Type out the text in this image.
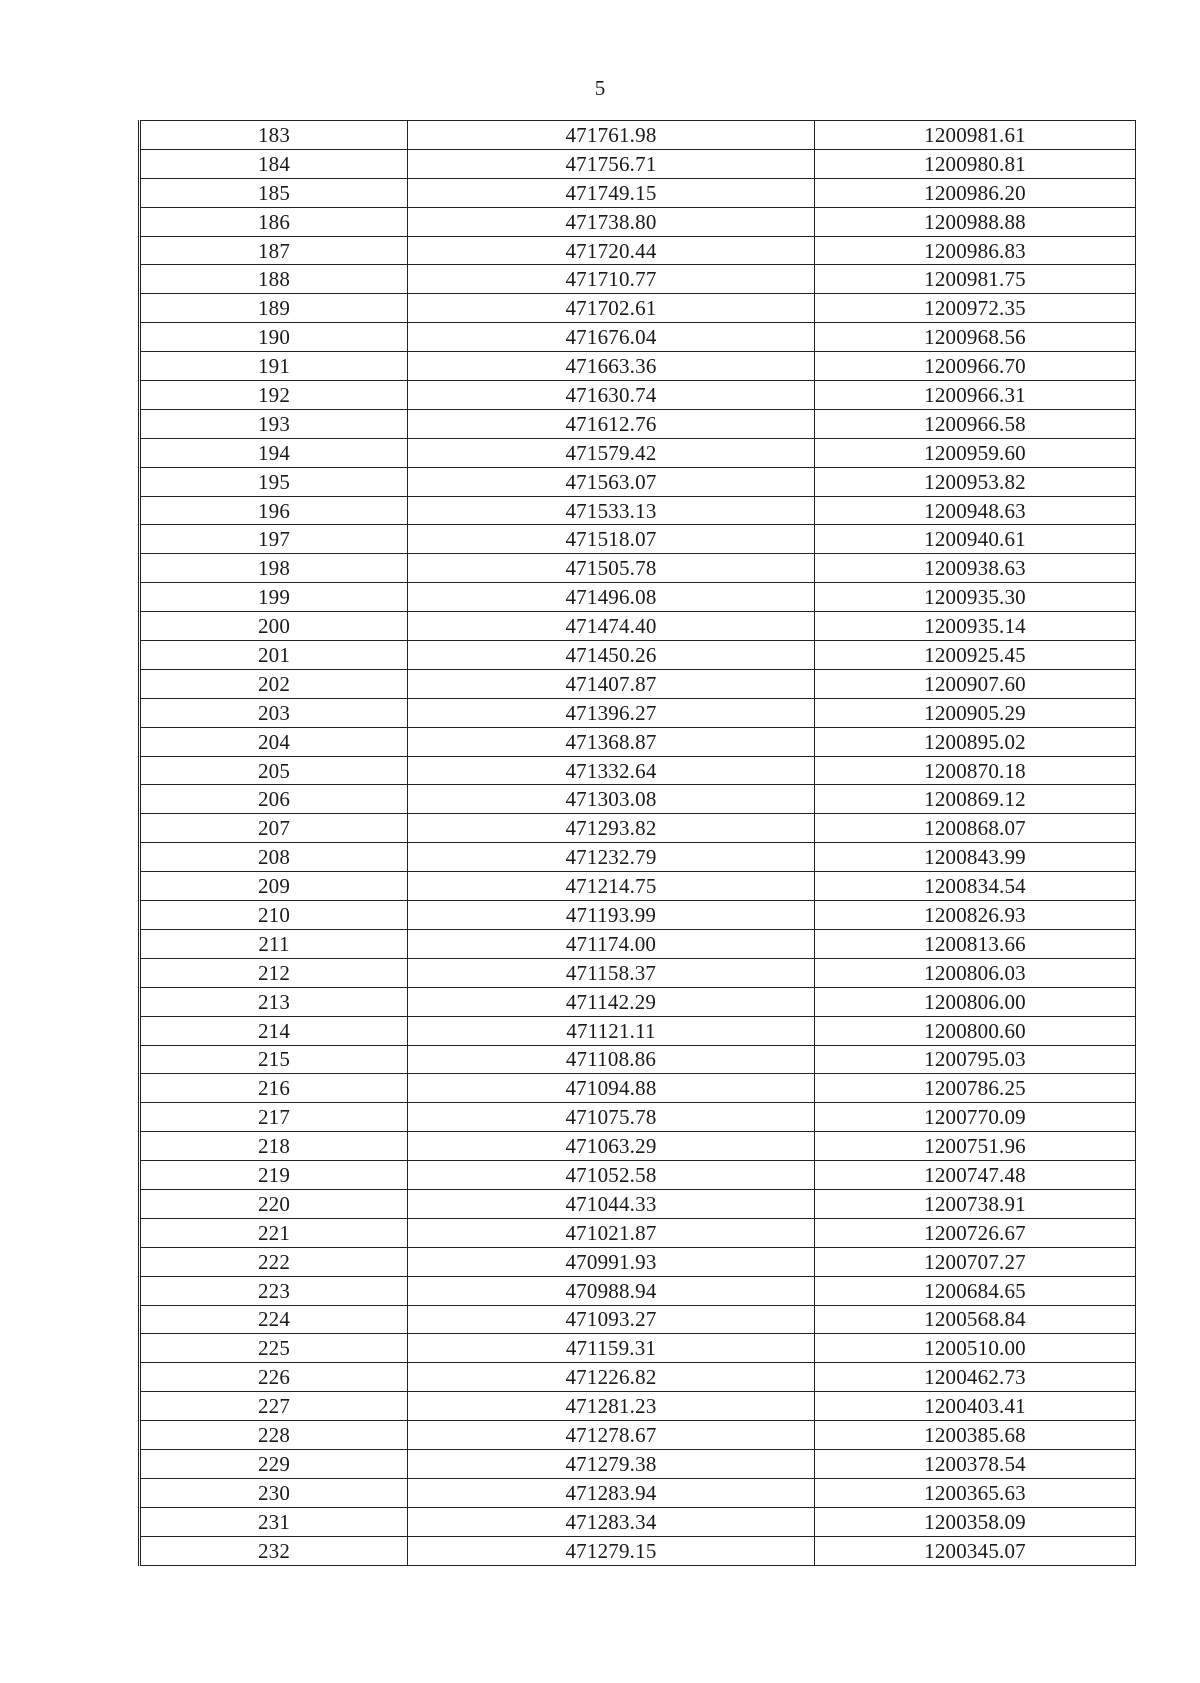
5
183	471761.98	1200981.61
184	471756.71	1200980.81
185	471749.15	1200986.20
186	471738.80	1200988.88
187	471720.44	1200986.83
188	471710.77	1200981.75
189	471702.61	1200972.35
190	471676.04	1200968.56
191	471663.36	1200966.70
192	471630.74	1200966.31
193	471612.76	1200966.58
194	471579.42	1200959.60
195	471563.07	1200953.82
196	471533.13	1200948.63
197	471518.07	1200940.61
198	471505.78	1200938.63
199	471496.08	1200935.30
200	471474.40	1200935.14
201	471450.26	1200925.45
202	471407.87	1200907.60
203	471396.27	1200905.29
204	471368.87	1200895.02
205	471332.64	1200870.18
206	471303.08	1200869.12
207	471293.82	1200868.07
208	471232.79	1200843.99
209	471214.75	1200834.54
210	471193.99	1200826.93
211	471174.00	1200813.66
212	471158.37	1200806.03
213	471142.29	1200806.00
214	471121.11	1200800.60
215	471108.86	1200795.03
216	471094.88	1200786.25
217	471075.78	1200770.09
218	471063.29	1200751.96
219	471052.58	1200747.48
220	471044.33	1200738.91
221	471021.87	1200726.67
222	470991.93	1200707.27
223	470988.94	1200684.65
224	471093.27	1200568.84
225	471159.31	1200510.00
226	471226.82	1200462.73
227	471281.23	1200403.41
228	471278.67	1200385.68
229	471279.38	1200378.54
230	471283.94	1200365.63
231	471283.34	1200358.09
232	471279.15	1200345.07
